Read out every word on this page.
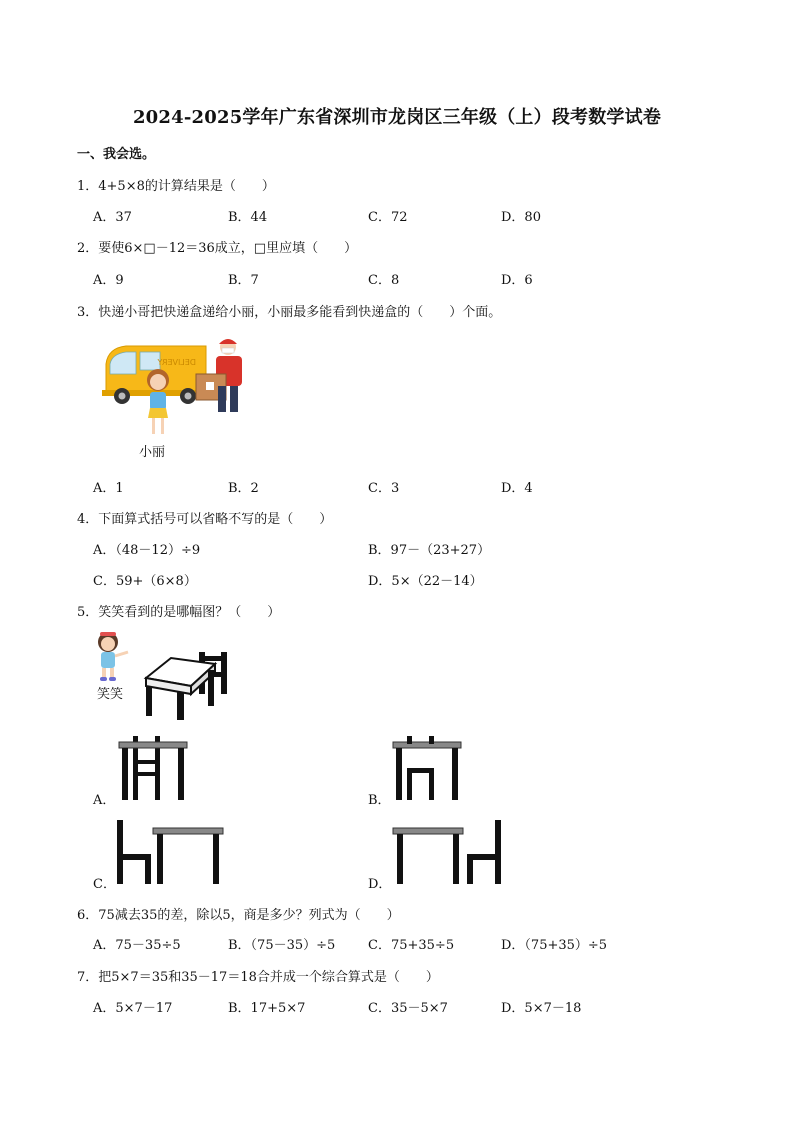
2024-2025学年广东省深圳市龙岗区三年级（上）段考数学试卷
一、我会选。
1．4+5×8的计算结果是（　　）
A．37	B．44	C．72	D．80
2．要使6×□－12＝36成立，□里应填（　　）
A．9	B．7	C．8	D．6
3．快递小哥把快递盒递给小丽，小丽最多能看到快递盒的（　　）个面。
DELIVERY
小丽
A．1	B．2	C．3	D．4
4．下面算式括号可以省略不写的是（　　）
A．（48－12）÷9	B．97－（23+27）
C．59+（6×8）	D．5×（22－14）
5．笑笑看到的是哪幅图？（　　）
笑笑
A．	B．
C．	D．
6．75减去35的差，除以5，商是多少？列式为（　　）
A．75－35÷5	B．（75－35）÷5	C．75+35÷5	D．（75+35）÷5
7．把5×7＝35和35－17＝18合并成一个综合算式是（　　）
A．5×7－17	B．17+5×7	C．35－5×7	D．5×7－18
